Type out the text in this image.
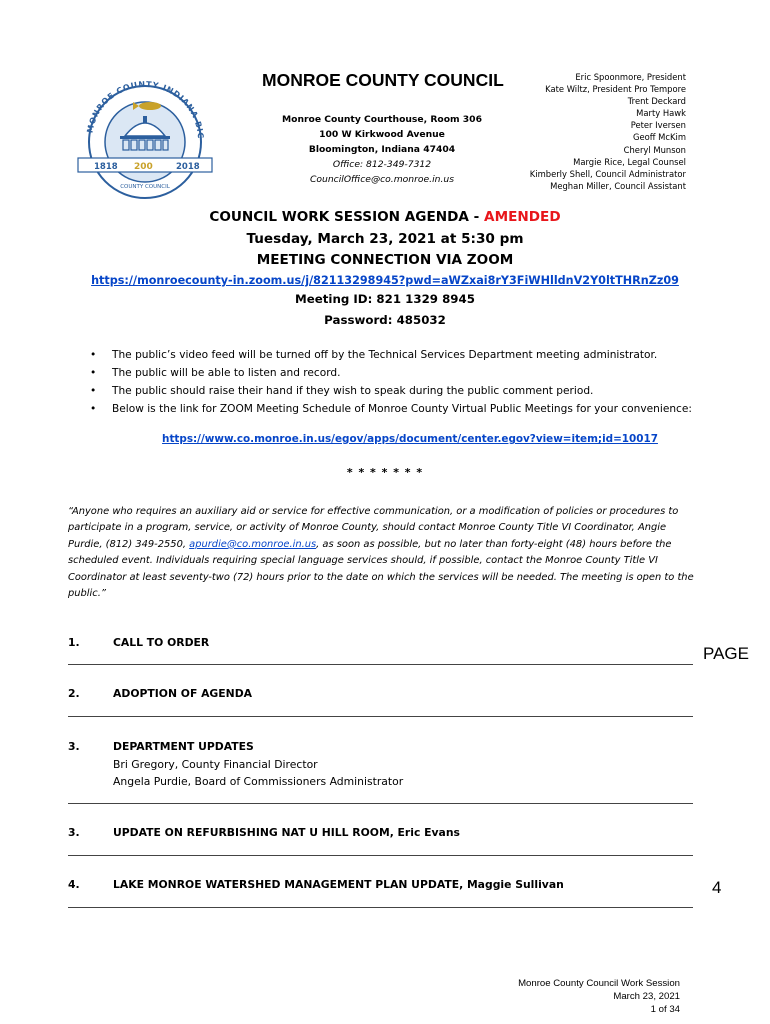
MONROE COUNTY INDIANA BIC
1818 200	2018
COUNTY COUNCIL
MONROE COUNTY COUNCIL
Monroe County Courthouse, Room 306
100 W Kirkwood Avenue
Bloomington, Indiana 47404
Office: 812-349-7312
CouncilOffice@co.monroe.in.us
Eric Spoonmore, President
Kate Wiltz, President Pro Tempore
Trent Deckard
Marty Hawk
Peter Iversen
Geoff McKim
Cheryl Munson
Margie Rice, Legal Counsel
Kimberly Shell, Council Administrator
Meghan Miller, Council Assistant
COUNCIL WORK SESSION AGENDA - AMENDED
Tuesday, March 23, 2021 at 5:30 pm
MEETING CONNECTION VIA ZOOM
https://monroecounty-in.zoom.us/j/82113298945?pwd=aWZxai8rY3FiWHlldnV2Y0ltTHRnZz09
Meeting ID: 821 1329 8945
Password: 485032
• The public’s video feed will be turned off by the Technical Services Department meeting administrator.
• The public will be able to listen and record.
• The public should raise their hand if they wish to speak during the public comment period.
• Below is the link for ZOOM Meeting Schedule of Monroe County Virtual Public Meetings for your convenience:
https://www.co.monroe.in.us/egov/apps/document/center.egov?view=item;id=10017
* * * * * * *

“Anyone who requires an auxiliary aid or service for effective communication, or a modification of policies or procedures to participate in a program, service, or activity of Monroe County, should contact Monroe County Title VI Coordinator, Angie Purdie, (812) 349-2550, apurdie@co.monroe.in.us, as soon as possible, but no later than forty-eight (48) hours before the scheduled event. Individuals requiring special language services should, if possible, contact the Monroe County Title VI Coordinator at least seventy-two (72) hours prior to the date on which the services will be needed. The meeting is open to the public.”

1.	CALL TO ORDER
2.	ADOPTION OF AGENDA
3.	DEPARTMENT UPDATES
Bri Gregory, County Financial Director
Angela Purdie, Board of Commissioners Administrator
3.	UPDATE ON REFURBISHING NAT U HILL ROOM, Eric Evans
4.	LAKE MONROE WATERSHED MANAGEMENT PLAN UPDATE, Maggie Sullivan
PAGE
4
Monroe County Council Work Session
March 23, 2021
1 of 34
